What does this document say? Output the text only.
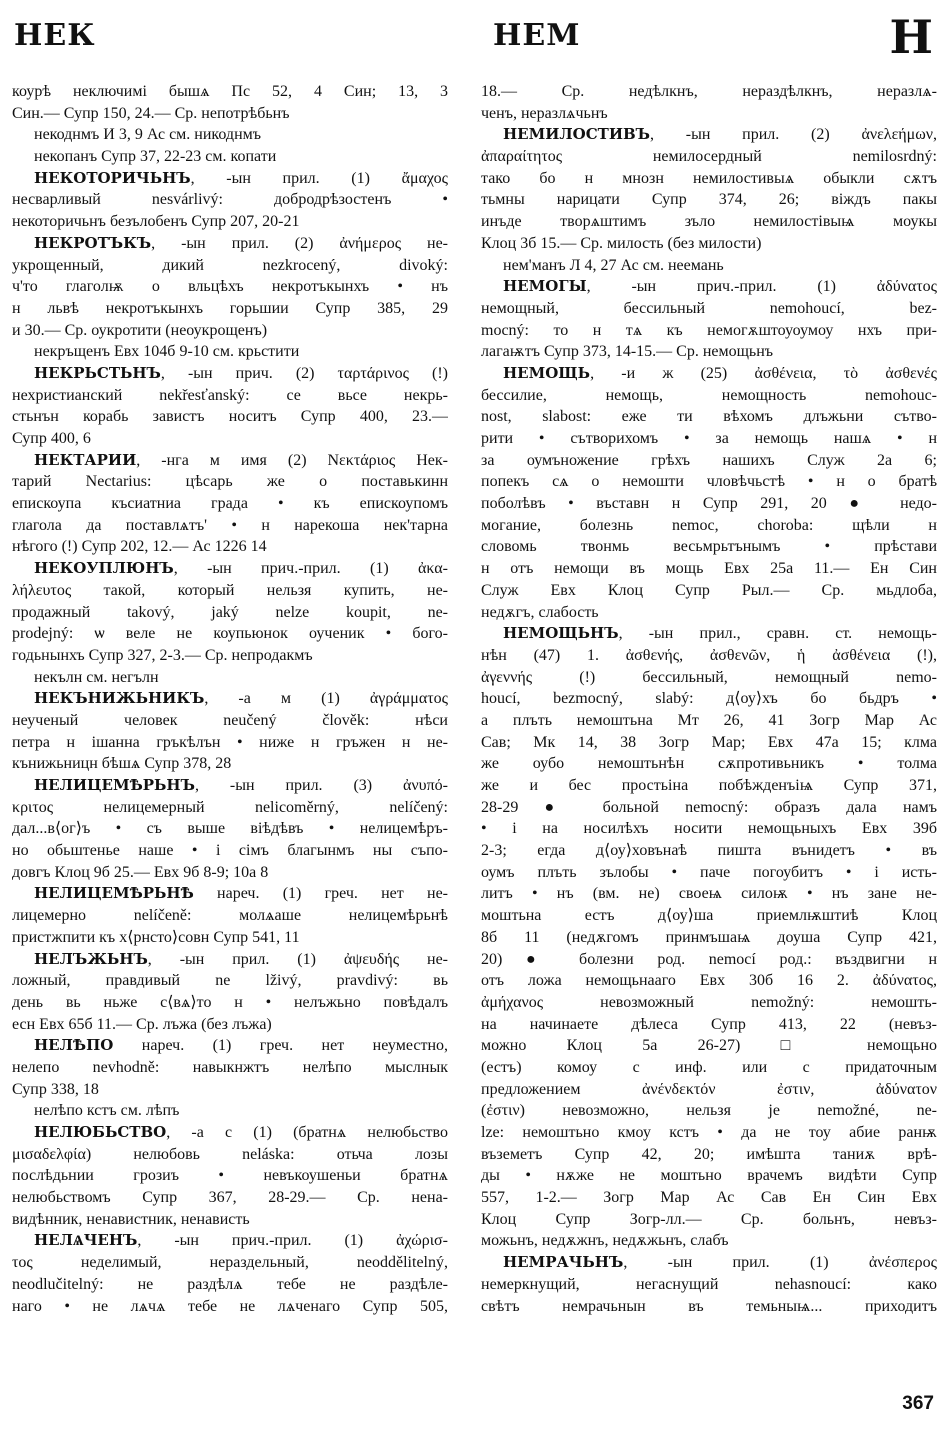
НЕК	НЕМ	Н
коурѣ неключимі бышѧ Пс 52, 4 Син; 13, 3
Син.— Супр 150, 24.— Ср. непотрѣбьнъ
некоднмъ И 3, 9 Ас см. никоднмъ
некопанъ Супр 37, 22-23 см. копати
НЕКОТОРИЧЬНЪ, -ын прил. (1) ἄμαχος
несварливый nesvárlivý: добродрѣзостенъ •
некоторичьнъ безълобенъ Супр 207, 20-21
НЕКРОТЪКЪ, -ын прил. (2) ἀνήμερος не-
укрощенный, дикий nezkrocený, divoký:
ч'то глаголѭ о вльцѣхъ некротъкынхъ • нъ
н львѣ некротъкынхъ горьшии Супр 385, 29
и 30.— Ср. оукротити (неоукрощенъ)
некръщенъ Евх 104б 9-10 см. крьстити
НЕКРЬСТЬНЪ, -ын прич. (2) ταρτάρινος (!)
нехристианский nekřesťanský: се вьсе некрь-
стьнън корабь завистъ носитъ Супр 400, 23.—
Супр 400, 6
НЕКТАРИИ, -нга м имя (2) Νεκτάριος Нек-
тарий Nectarius: цѣсарь же о поставькинн
епискоупа късиатниа града • къ епискоупомъ
глагола да поставлѧтъ' • н нарекоша нек'тарна
нѣгого (!) Супр 202, 12.— Ас 1226 14
НЕКОУПЛЮНЪ, -ын прич.-прил. (1) ἀκα-
λήλευτος такой, который нельзя купить, не-
продажный takový, jaký nelze koupit, ne-
prodejný: ѡ веле не коупьюнок оученик • бого-
годьнынхъ Супр 327, 2-3.— Ср. непродакмъ
некълн см. негълн
НЕКЪНИЖЬНИКЪ, -а м (1) ἀγράμματος
неученый человек neučený člověk: нѣси
петра н ішанна гръкѣлън • ниже н гръжен н не-
кънижьницн бѣшѧ Супр 378, 28
НЕЛИЦЕМѢРЬНЪ, -ын прил. (3) ἀνυπό-
κριτος нелицемерный nelicoměrný, nelíčený:
дал...в⟨ог⟩ъ • съ выше віѣдѣвъ • нелицемѣръ-
но обьштенье наше • і сімъ благынмъ ны съпо-
довгъ Клоц 9б 25.— Евх 9б 8-9; 10а 8
НЕЛИЦЕМѢРЬНѢ нареч. (1) греч. нет не-
лицемерно nelíčeně: молѧаше нелицемѣрьнѣ
пристжпити къ х⟨рнсто⟩совн Супр 541, 11
НЕЛЪЖЬНЪ, -ын прил. (1) ἀψευδής не-
ложный, правдивый ne lživý, pravdivý: вь
день вь ньже с⟨вѧ⟩то н • нелъжьно повѣдалъ
есн Евх 65б 11.— Ср. лъжа (без лъжа)
НЕЛѢПО нареч. (1) греч. нет неуместно,
нелепо nevhodně: навыкнжтъ нелѣпо мыслнык
Супр 338, 18
нелѣпо кстъ см. лѣпъ
НЕЛЮБЬСТВО, -а с (1) (братнѧ нелюбьство
μισαδελφία) нелюбовь neláska: отьча лозы
послѣдьнии грозиъ • невъкоушеньи братнѧ
нелюбьствомъ Супр 367, 28-29.— Ср. нена-
видѣнник, ненавистник, ненависть
НЕЛѦЧЕНЪ, -ын прич.-прил. (1) ἀχώρισ-
τος неделимый, нераздельный, neoddělitelný,
neodlučitelný: не раздѣлѧ тебе не раздѣле-
наго • не лѧчѧ тебе не лѧченаго Супр 505,
18.— Ср. недѣлкнъ, нераздѣлкнъ, неразлѧ-
ченъ, неразлѧчьнъ
НЕМИЛОСТИВЪ, -ын прил. (2) ἀνελεήμων,
ἀπαραίτητος немилосердный nemilosrdný:
тако бо н мнозн немилостивыѧ обыкли сѫтъ
тьмны нарицати Супр 374, 26; віждъ пакы
инъде творѧштимъ зъло немилостівыѩ моукы
Клоц 3б 15.— Ср. милость (без милости)
нем'манъ Л 4, 27 Ас см. неемань
НЕМОГЫ, -ын прич.-прил. (1) ἀδύνατος
немощный, бессильный nemohoucí, bez-
mocný: то н тѧ къ немогѫштоуоумоу нхъ при-
лагаѭтъ Супр 373, 14-15.— Ср. немощьнъ
НЕМОЩЬ, -и ж (25) ἀσθένεια, τὸ ἀσθενές
бессилие, немощь, немощность nemohouc-
nost, slabost: еже ти вѣхомъ длъжьни сътво-
рити • сътворихомъ • за немощь нашѧ • н
за оумъножение грѣхъ нашихъ Служ 2а 6;
попекъ сѧ о немошти чловѣчьстѣ • н о братѣ
поболѣвъ • въставн н Супр 291, 20 ● недо-
могание, болезнь nemoc, choroba: щѣли н
словомь твонмь весьмрьтънымъ • прѣстави
н отъ немощи въ мощь Евх 25а 11.— Ен Син
Служ Евх Клоц Супр Рыл.— Ср. мьдлоба,
недѫгъ, слабость
НЕМОЩЬНЪ, -ын прил., сравн. ст. немощь-
нѣн (47) 1. ἀσθενής, ἀσθενῶν, ἡ ἀσθένεια (!),
ἀγεννής (!) бессильный, немощный nemo-
houcí, bezmocný, slabý: д⟨оу⟩хъ бо бьдръ •
а плъть немоштьна Мт 26, 41 Зогр Мар Ас
Сав; Мк 14, 38 Зогр Мар; Евх 47а 15; клма
же оубо немоштьнѣн сѫпротивьникъ • толма
же и бес простьіна побѣжденъіѩ Супр 371,
28-29 ● больной nemocný: образъ дала намъ
• і на носилѣхъ носити немощьныхъ Евх 39б
2-3; егда д⟨оу⟩ховънаѣ пишта вънидетъ • въ
оумъ плъть зълобы • паче погоубитъ • і исть-
литъ • нъ (вм. не) своеѩ силоѭ • нъ зане не-
моштьна естъ д⟨оу⟩ша приемлѭштиѣ Клоц
8б 11 (недѫгомъ принмъшаѩ доуша Супр 421,
20) ● болезни род. nemocí род.: въздвигни н
отъ ложа немощьнааго Евх 30б 16 2. ἀδύνατος,
ἀμήχανος невозможный nemožný: немошть-
на начинаете дѣлеса Супр 413, 22 (невъз-
можно Клоц 5а 26-27) □ немощьно
(естъ) комоу с инф. или с придаточным
предложением ἀνένδεκτόν ἐστιν, ἀδύνατον
(ἐστιν) невозможно, нельзя je nemožné, ne-
lze: немоштьно кмоу кстъ • да не тоу абие ранѭ
въземетъ Супр 42, 20; имѣшта таниѫ врѣ-
ды • нѫже не моштьно врачемъ видѣти Супр
557, 1-2.— Зогр Мар Ас Сав Ен Син Евх
Клоц Супр Зогр-лл.— Ср. больнъ, невъз-
можьнъ, недѫжнъ, недѫжьнъ, слабъ
НЕМРАЧЬНЪ, -ын прил. (1) ἀνέσπερος
немеркнущий, негаснущий nehasnoucí: како
свѣтъ немрачьнын въ темьныѩ... приходитъ
367
